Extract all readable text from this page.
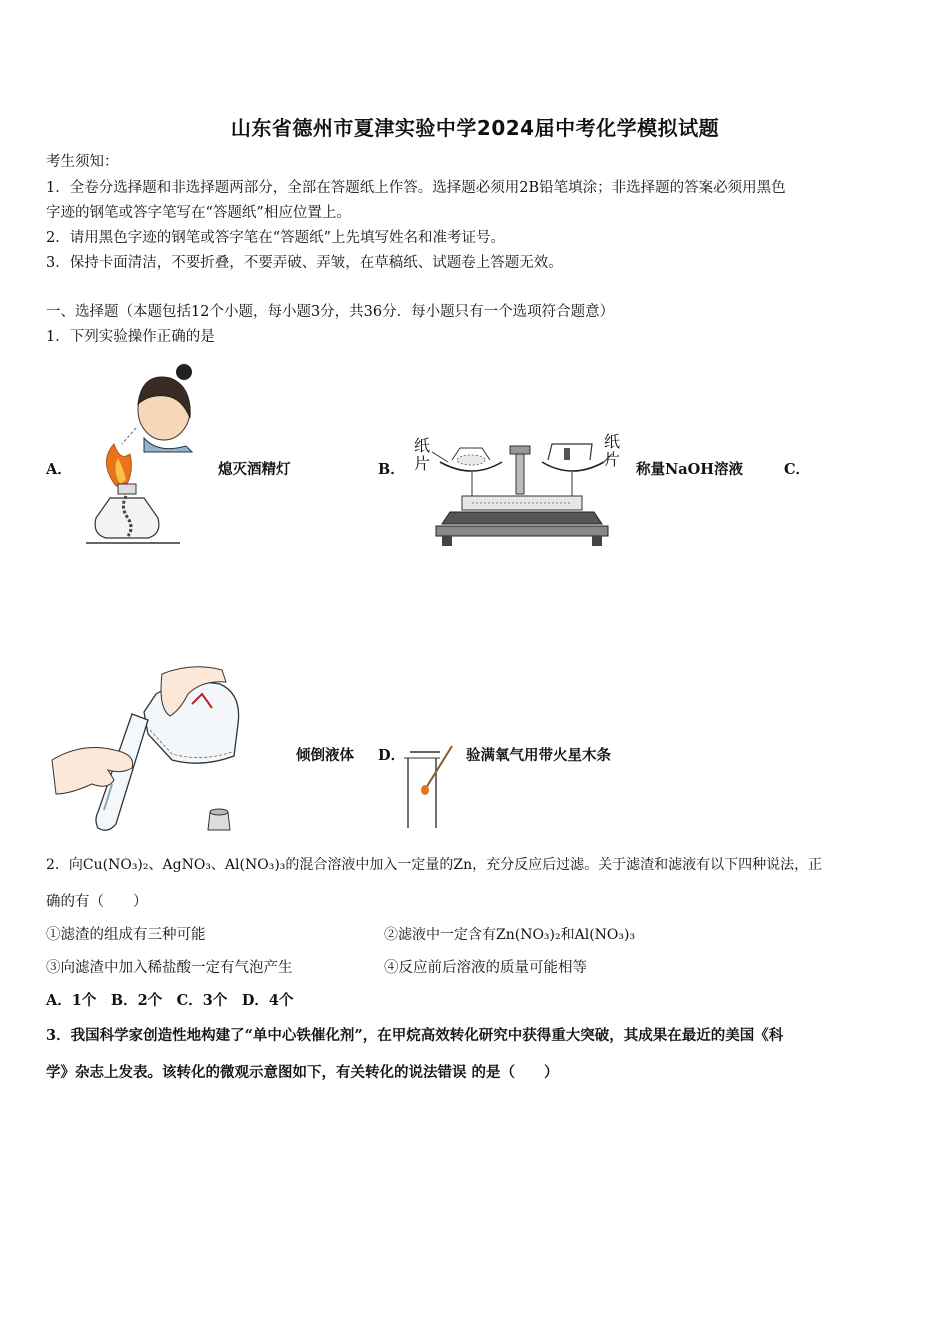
山东省德州市夏津实验中学2024届中考化学模拟试题
考生须知：
1．全卷分选择题和非选择题两部分，全部在答题纸上作答。选择题必须用2B铅笔填涂；非选择题的答案必须用黑色
字迹的钢笔或答字笔写在“答题纸”相应位置上。
2．请用黑色字迹的钢笔或答字笔在“答题纸”上先填写姓名和准考证号。
3．保持卡面清洁，不要折叠，不要弄破、弄皱，在草稿纸、试题卷上答题无效。
一、选择题（本题包括12个小题，每小题3分，共36分．每小题只有一个选项符合题意）
1．下列实验操作正确的是
A．	熄灭酒精灯	B．
纸片
纸片
称量NaOH溶液	C．
倾倒液体 D．	验满氧气用带火星木条
2．向Cu(NO₃)₂、AgNO₃、Al(NO₃)₃的混合溶液中加入一定量的Zn，充分反应后过滤。关于滤渣和滤液有以下四种说法，正
确的有（　　）
①滤渣的组成有三种可能	②滤液中一定含有Zn(NO₃)₂和Al(NO₃)₃
③向滤渣中加入稀盐酸一定有气泡产生	④反应前后溶液的质量可能相等
A．1个　B．2个　C．3个　D．4个
3．我国科学家创造性地构建了“单中心铁催化剂”，在甲烷高效转化研究中获得重大突破，其成果在最近的美国《科
学》杂志上发表。该转化的微观示意图如下，有关转化的说法错误 的是（　　）
